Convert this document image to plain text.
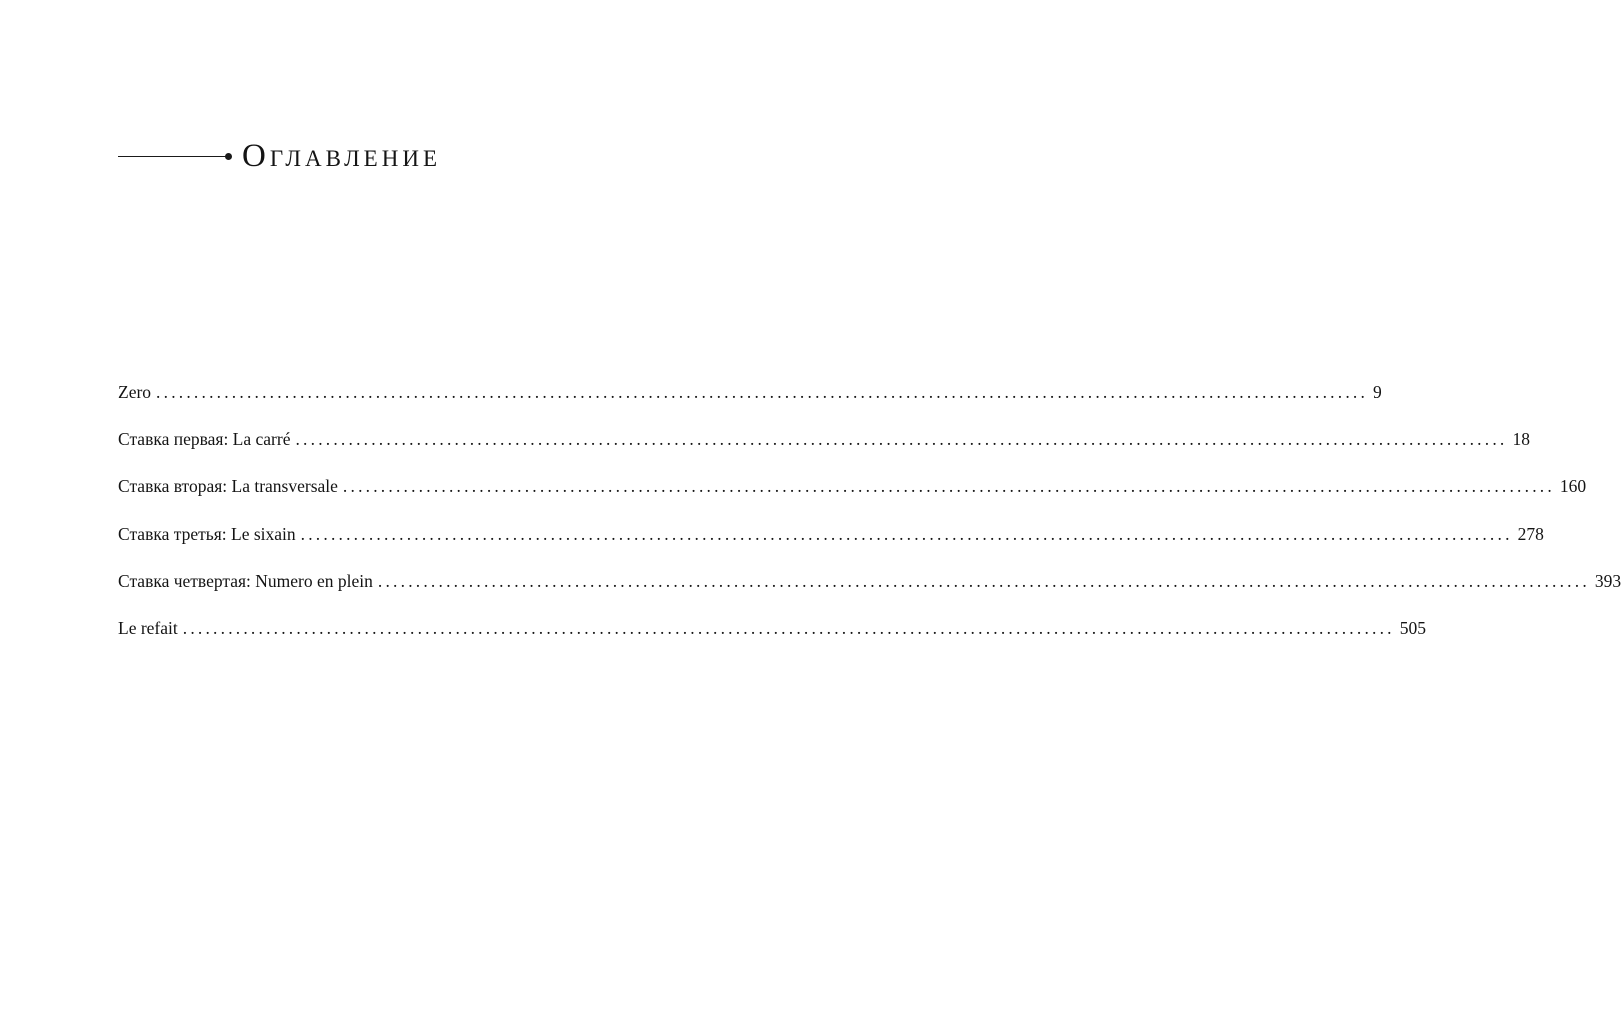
Оглавление
Zero ................................................................................................................................................................ 9
Ставка первая: La carré ................................................................................................................................................................ 18
Ставка вторая: La transversale ................................................................................................................................................................ 160
Ставка третья: Le sixain ................................................................................................................................................................ 278
Ставка четвертая: Numero en plein ................................................................................................................................................................ 393
Le refait ................................................................................................................................................................ 505
